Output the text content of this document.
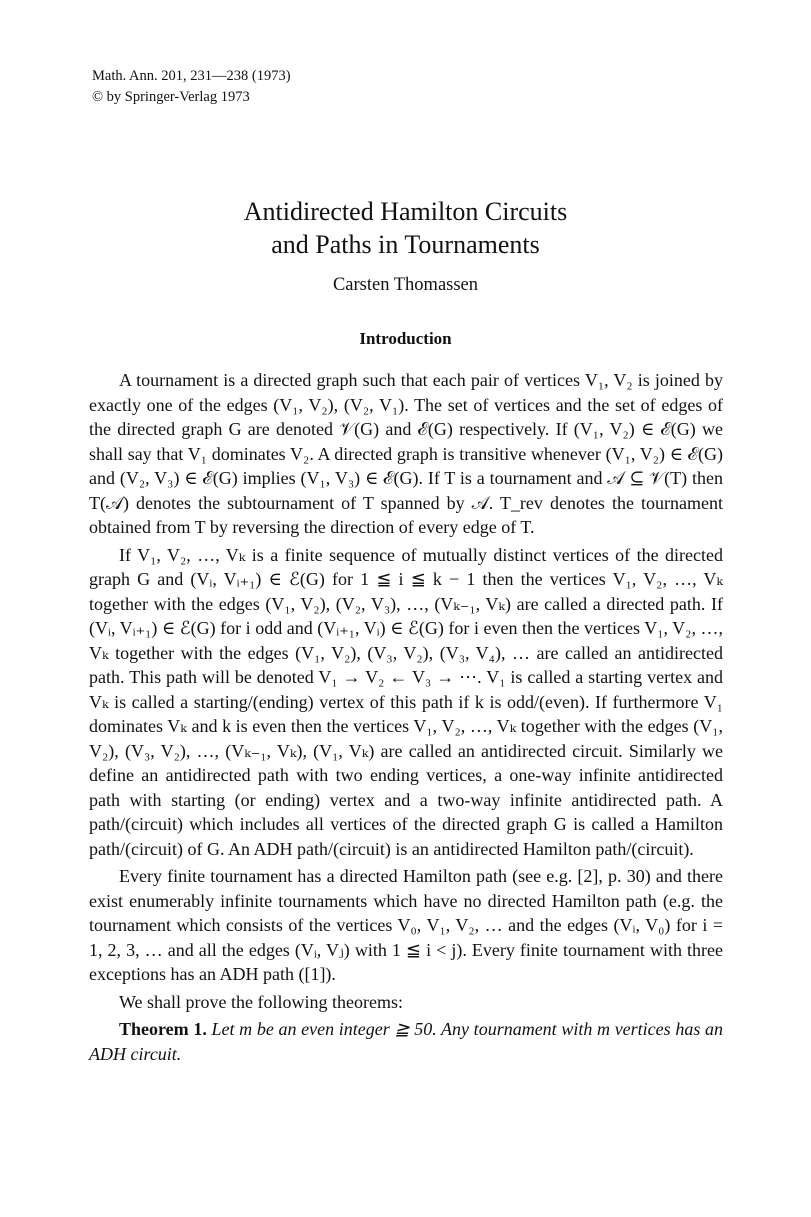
Math. Ann. 201, 231—238 (1973)
© by Springer-Verlag 1973
Antidirected Hamilton Circuits
and Paths in Tournaments
Carsten Thomassen
Introduction

A tournament is a directed graph such that each pair of vertices V₁, V₂ is joined by exactly one of the edges (V₁, V₂), (V₂, V₁). The set of vertices and the set of edges of the directed graph G are denoted 𝒱(G) and ℰ(G) respectively. If (V₁, V₂) ∈ ℰ(G) we shall say that V₁ dominates V₂. A directed graph is transitive whenever (V₁, V₂) ∈ ℰ(G) and (V₂, V₃) ∈ ℰ(G) implies (V₁, V₃) ∈ ℰ(G). If T is a tournament and 𝒜 ⊆ 𝒱(T) then T(𝒜) denotes the subtournament of T spanned by 𝒜. T_rev denotes the tournament obtained from T by reversing the direction of every edge of T.

If V₁, V₂, …, Vₖ is a finite sequence of mutually distinct vertices of the directed graph G and (Vᵢ, Vᵢ₊₁) ∈ ℰ(G) for 1 ≦ i ≦ k − 1 then the vertices V₁, V₂, …, Vₖ together with the edges (V₁, V₂), (V₂, V₃), …, (Vₖ₋₁, Vₖ) are called a directed path. If (Vᵢ, Vᵢ₊₁) ∈ ℰ(G) for i odd and (Vᵢ₊₁, Vᵢ) ∈ ℰ(G) for i even then the vertices V₁, V₂, …, Vₖ together with the edges (V₁, V₂), (V₃, V₂), (V₃, V₄), … are called an antidirected path. This path will be denoted V₁ → V₂ ← V₃ → ⋯. V₁ is called a starting vertex and Vₖ is called a starting/(ending) vertex of this path if k is odd/(even). If furthermore V₁ dominates Vₖ and k is even then the vertices V₁, V₂, …, Vₖ together with the edges (V₁, V₂), (V₃, V₂), …, (Vₖ₋₁, Vₖ), (V₁, Vₖ) are called an antidirected circuit. Similarly we define an antidirected path with two ending vertices, a one-way infinite antidirected path with starting (or ending) vertex and a two-way infinite antidirected path. A path/(circuit) which includes all vertices of the directed graph G is called a Hamilton path/(circuit) of G. An ADH path/(circuit) is an antidirected Hamilton path/(circuit).

Every finite tournament has a directed Hamilton path (see e.g. [2], p. 30) and there exist enumerably infinite tournaments which have no directed Hamilton path (e.g. the tournament which consists of the vertices V₀, V₁, V₂, … and the edges (Vᵢ, V₀) for i = 1, 2, 3, … and all the edges (Vᵢ, Vⱼ) with 1 ≦ i < j). Every finite tournament with three exceptions has an ADH path ([1]).

We shall prove the following theorems:

Theorem 1. Let m be an even integer ≧ 50. Any tournament with m vertices has an ADH circuit.
